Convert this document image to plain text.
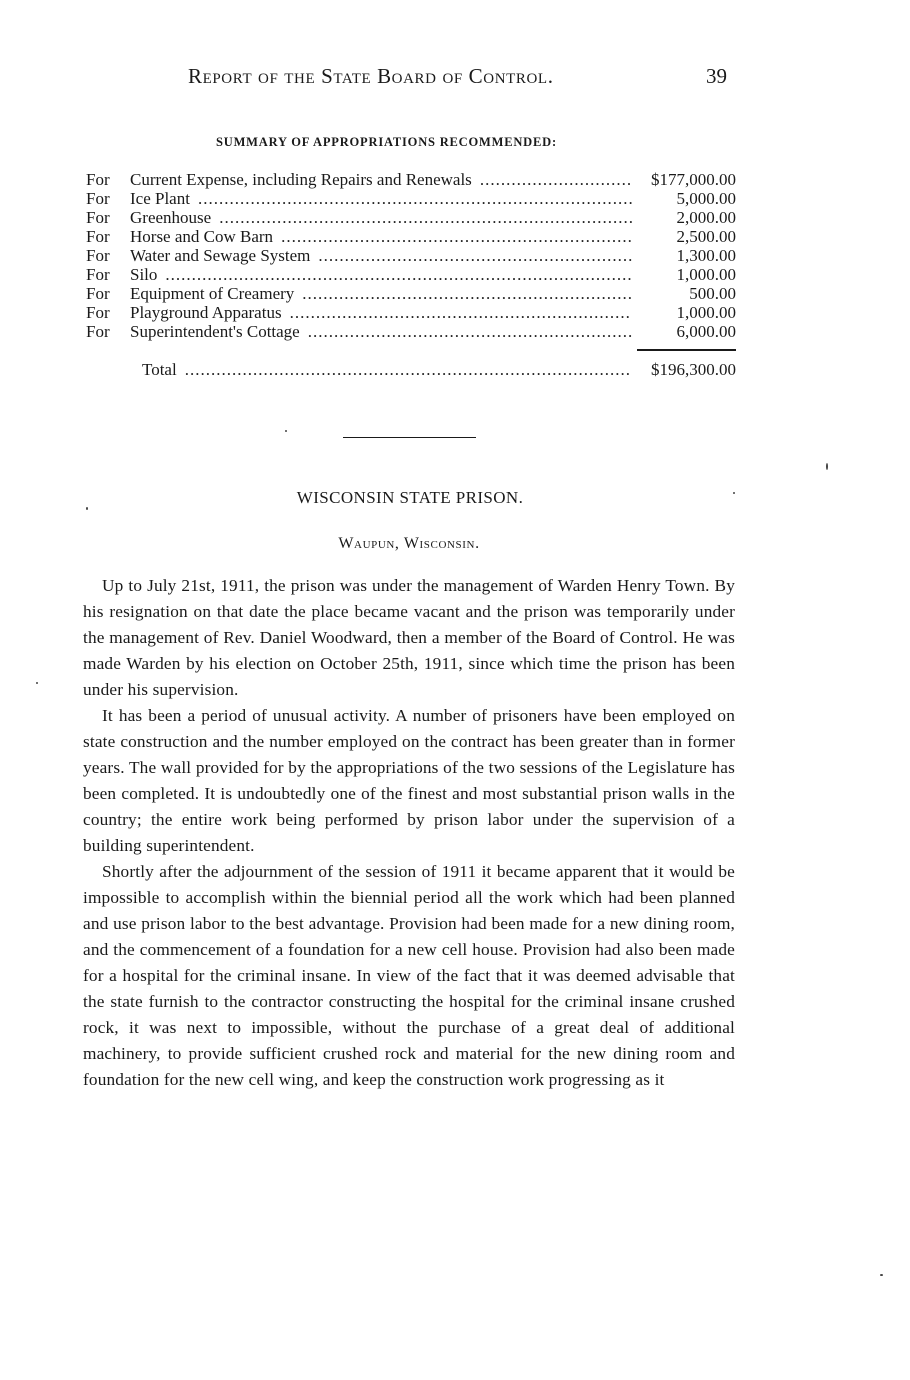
Report of the State Board of Control.	39
SUMMARY OF APPROPRIATIONS RECOMMENDED:
For	Current Expense, including Repairs and Renewals .....	$177,000.00
For	Ice Plant .....	5,000.00
For	Greenhouse .....	2,000.00
For	Horse and Cow Barn .....	2,500.00
For	Water and Sewage System .....	1,300.00
For	Silo .....	1,000.00
For	Equipment of Creamery .....	500.00
For	Playground Apparatus .....	1,000.00
For	Superintendent's Cottage .....	6,000.00
Total .....	$196,300.00
WISCONSIN STATE PRISON.
Waupun, Wisconsin.

Up to July 21st, 1911, the prison was under the management of Warden Henry Town. By his resignation on that date the place became vacant and the prison was temporarily under the management of Rev. Daniel Woodward, then a member of the Board of Control. He was made Warden by his election on October 25th, 1911, since which time the prison has been under his supervision.

It has been a period of unusual activity. A number of prisoners have been employed on state construction and the number employed on the contract has been greater than in former years. The wall provided for by the appropriations of the two sessions of the Legislature has been completed. It is undoubtedly one of the finest and most substantial prison walls in the country; the entire work being performed by prison labor under the supervision of a building superintendent.

Shortly after the adjournment of the session of 1911 it became apparent that it would be impossible to accomplish within the biennial period all the work which had been planned and use prison labor to the best advantage. Provision had been made for a new dining room, and the commencement of a foundation for a new cell house. Provision had also been made for a hospital for the criminal insane. In view of the fact that it was deemed advisable that the state furnish to the contractor constructing the hospital for the criminal insane crushed rock, it was next to impossible, without the purchase of a great deal of additional machinery, to provide sufficient crushed rock and material for the new dining room and foundation for the new cell wing, and keep the construction work progressing as it
